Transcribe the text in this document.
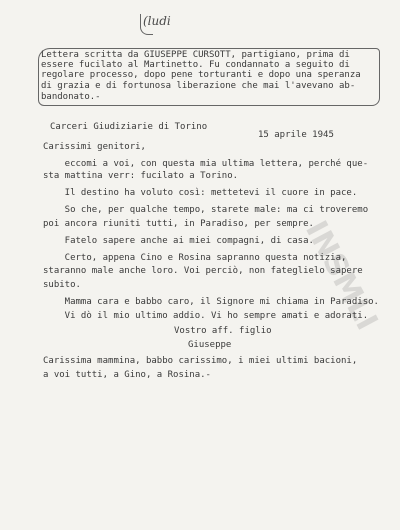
(ludi
Lettera scritta da GIUSEPPE CURSOTT, partigiano, prima di
essere fucilato al Martinetto. Fu condannato a seguito di
regolare processo, dopo pene torturanti e dopo una speranza
di grazia e di fortunosa liberazione che mai l'avevano ab-
bandonato.-
Carceri Giudiziarie di Torino
15 aprile 1945
Carissimi genitori,
eccomi a voi, con questa mia ultima lettera, perché que-
sta mattina verr: fucilato a Torino.
Il destino ha voluto così: mettetevi il cuore in pace.
So che, per qualche tempo, starete male: ma ci troveremo
poi ancora riuniti tutti, in Paradiso, per sempre.
Fatelo sapere anche ai miei compagni, di casa.
Certo, appena Cino e Rosina sapranno questa notizia,
staranno male anche loro. Voi perciò, non fateglielo sapere
subito.
Mamma cara e babbo caro, il Signore mi chiama in Paradiso.
Vi dò il mio ultimo addio. Vi ho sempre amati e adorati.
Vostro aff. figlio
Giuseppe
Carissima mammina, babbo carissimo, i miei ultimi bacioni,
a voi tutti, a Gino, a Rosina.-
INSMLI
